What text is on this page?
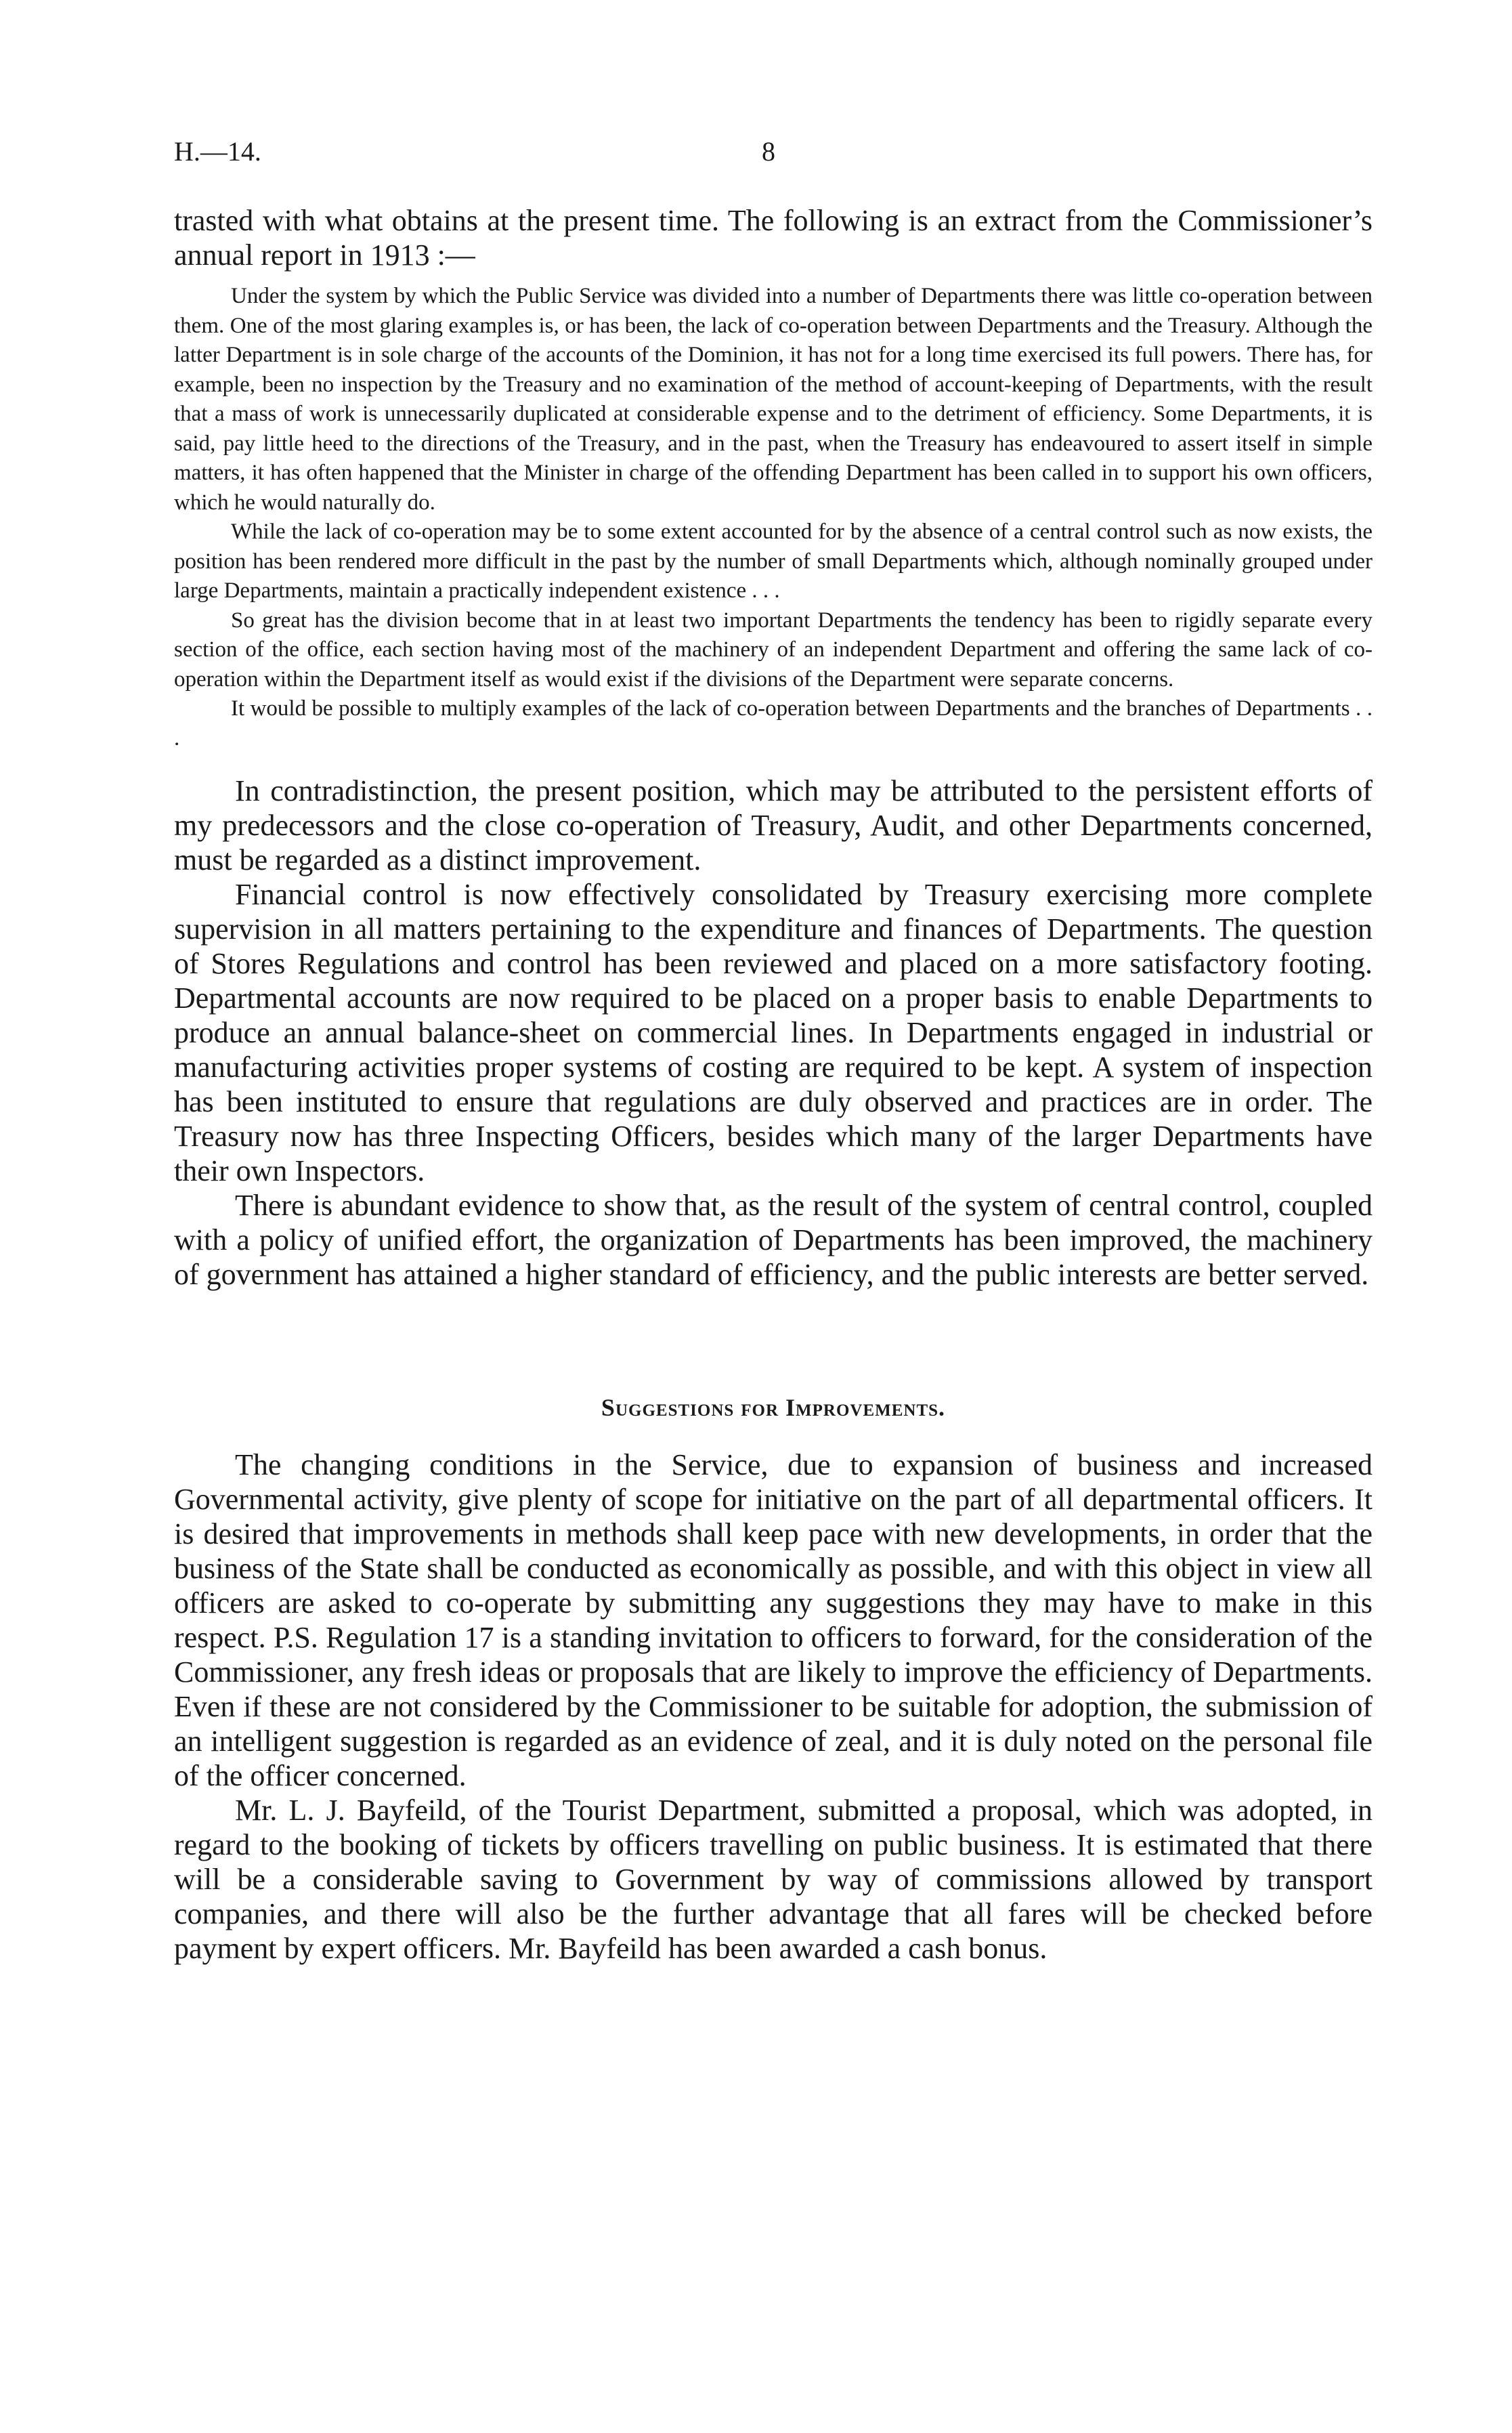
H.—14.	8

trasted with what obtains at the present time. The following is an extract from the Commissioner’s annual report in 1913 :—

Under the system by which the Public Service was divided into a number of Departments there was little co-operation between them. One of the most glaring examples is, or has been, the lack of co-operation between Departments and the Treasury. Although the latter Department is in sole charge of the accounts of the Dominion, it has not for a long time exercised its full powers. There has, for example, been no inspection by the Treasury and no examination of the method of account-keeping of Departments, with the result that a mass of work is unnecessarily duplicated at considerable expense and to the detriment of efficiency. Some Departments, it is said, pay little heed to the directions of the Treasury, and in the past, when the Treasury has endeavoured to assert itself in simple matters, it has often happened that the Minister in charge of the offending Department has been called in to support his own officers, which he would naturally do.

While the lack of co-operation may be to some extent accounted for by the absence of a central control such as now exists, the position has been rendered more difficult in the past by the number of small Departments which, although nominally grouped under large Departments, maintain a practically independent existence . . .

So great has the division become that in at least two important Departments the tendency has been to rigidly separate every section of the office, each section having most of the machinery of an independent Department and offering the same lack of co-operation within the Department itself as would exist if the divisions of the Department were separate concerns.

It would be possible to multiply examples of the lack of co-operation between Departments and the branches of Departments . . .

In contradistinction, the present position, which may be attributed to the persistent efforts of my predecessors and the close co-operation of Treasury, Audit, and other Departments concerned, must be regarded as a distinct improvement.

Financial control is now effectively consolidated by Treasury exercising more complete supervision in all matters pertaining to the expenditure and finances of Departments. The question of Stores Regulations and control has been reviewed and placed on a more satisfactory footing. Departmental accounts are now required to be placed on a proper basis to enable Departments to produce an annual balance-sheet on commercial lines. In Departments engaged in industrial or manufacturing activities proper systems of costing are required to be kept. A system of inspection has been instituted to ensure that regulations are duly observed and practices are in order. The Treasury now has three Inspecting Officers, besides which many of the larger Departments have their own Inspectors.

There is abundant evidence to show that, as the result of the system of central control, coupled with a policy of unified effort, the organization of Departments has been improved, the machinery of government has attained a higher standard of efficiency, and the public interests are better served.

Suggestions for Improvements.

The changing conditions in the Service, due to expansion of business and increased Governmental activity, give plenty of scope for initiative on the part of all departmental officers. It is desired that improvements in methods shall keep pace with new developments, in order that the business of the State shall be conducted as economically as possible, and with this object in view all officers are asked to co-operate by submitting any suggestions they may have to make in this respect. P.S. Regulation 17 is a standing invitation to officers to forward, for the consideration of the Commissioner, any fresh ideas or proposals that are likely to improve the efficiency of Departments. Even if these are not considered by the Commissioner to be suitable for adoption, the submission of an intelligent suggestion is regarded as an evidence of zeal, and it is duly noted on the personal file of the officer concerned.

Mr. L. J. Bayfeild, of the Tourist Department, submitted a proposal, which was adopted, in regard to the booking of tickets by officers travelling on public business. It is estimated that there will be a considerable saving to Government by way of commissions allowed by transport companies, and there will also be the further advantage that all fares will be checked before payment by expert officers. Mr. Bayfeild has been awarded a cash bonus.
